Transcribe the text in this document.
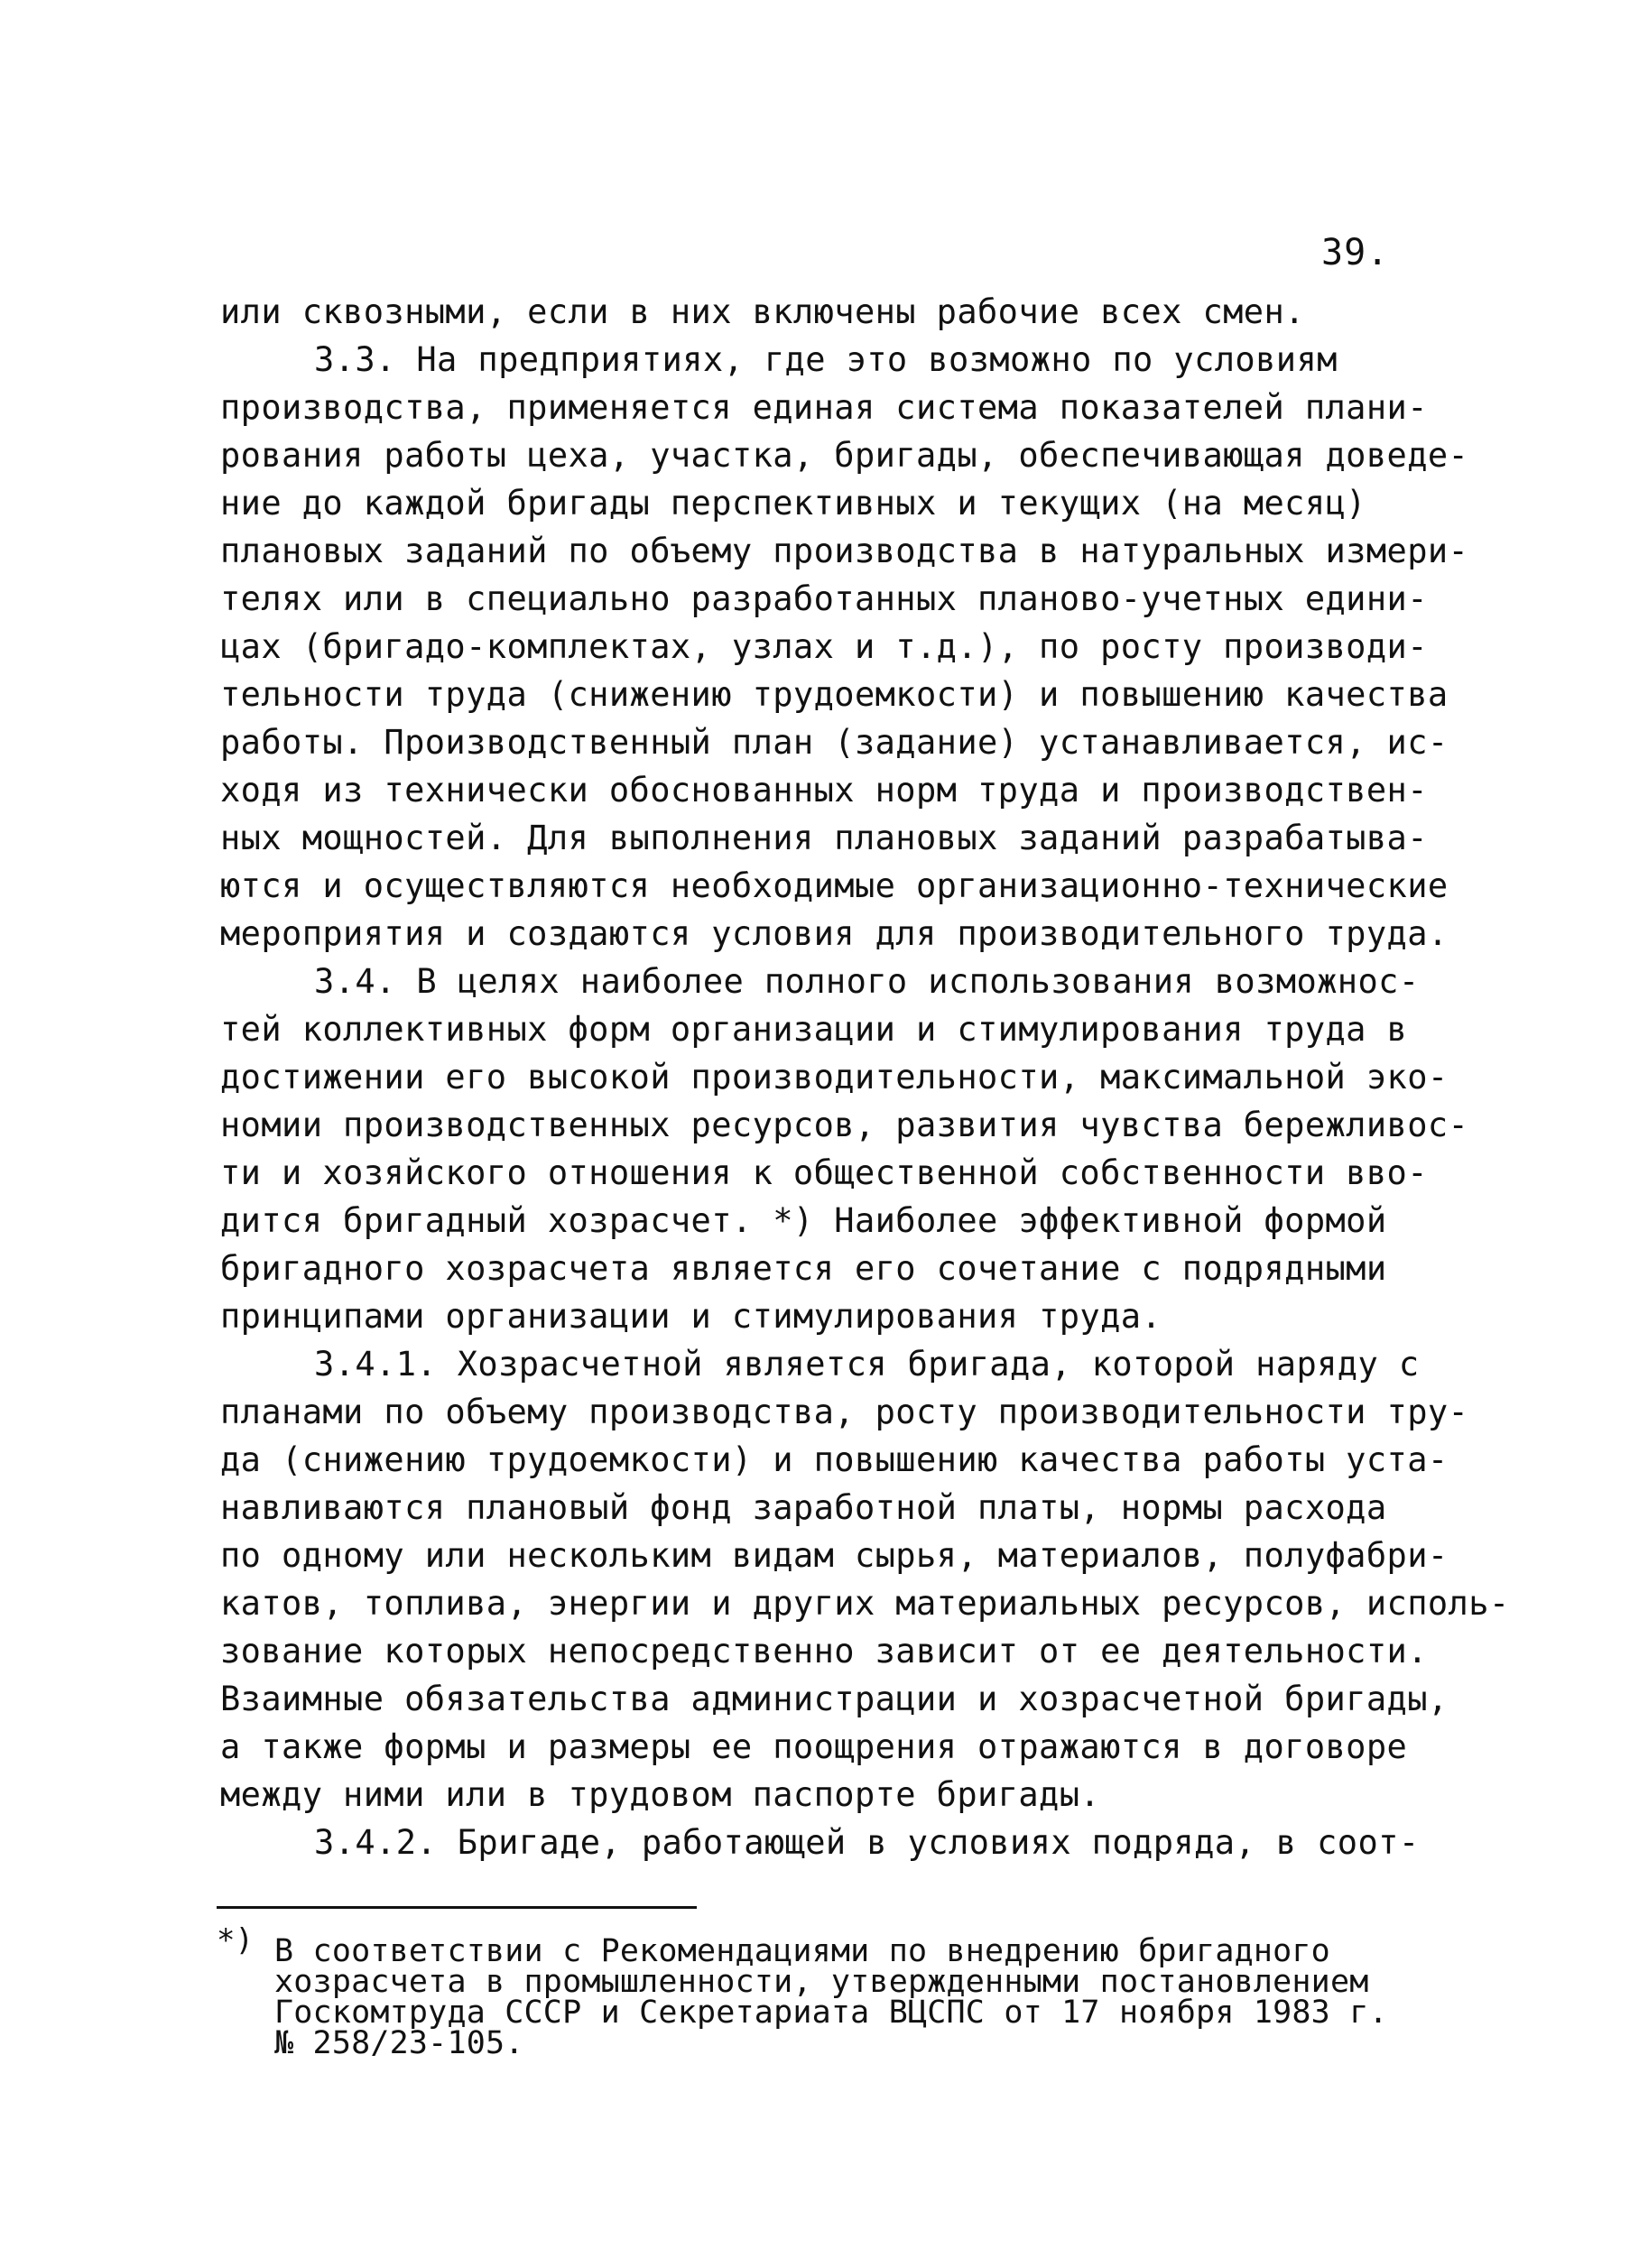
39.
или сквозными, если в них включены рабочие всех смен.
3.3. На предприятиях, где это возможно по условиям
производства, применяется единая система показателей плани-
рования работы цеха, участка, бригады, обеспечивающая доведе-
ние до каждой бригады перспективных и текущих (на месяц)
плановых заданий по объему производства в натуральных измери-
телях или в специально разработанных планово-учетных едини-
цах (бригадо-комплектах, узлах и т.д.), по росту производи-
тельности труда (снижению трудоемкости) и повышению качества
работы. Производственный план (задание) устанавливается, ис-
ходя из технически обоснованных норм труда и производствен-
ных мощностей. Для выполнения плановых заданий разрабатыва-
ются и осуществляются необходимые организационно-технические
мероприятия и создаются условия для производительного труда.
3.4. В целях наиболее полного использования возможнос-
тей коллективных форм организации и стимулирования труда в
достижении его высокой производительности, максимальной эко-
номии производственных ресурсов, развития чувства бережливос-
ти и хозяйского отношения к общественной собственности вво-
дится бригадный хозрасчет. *) Наиболее эффективной формой
бригадного хозрасчета является его сочетание с подрядными
принципами организации и стимулирования труда.
3.4.1. Хозрасчетной является бригада, которой наряду с
планами по объему производства, росту производительности тру-
да (снижению трудоемкости) и повышению качества работы уста-
навливаются плановый фонд заработной платы, нормы расхода
по одному или нескольким видам сырья, материалов, полуфабри-
катов, топлива, энергии и других материальных ресурсов, исполь-
зование которых непосредственно зависит от ее деятельности.
Взаимные обязательства администрации и хозрасчетной бригады,
а также формы и размеры ее поощрения отражаются в договоре
между ними или в трудовом паспорте бригады.
3.4.2. Бригаде, работающей в условиях подряда, в соот-
*) В соответствии с Рекомендациями по внедрению бригадного
хозрасчета в промышленности, утвержденными постановлением
Госкомтруда СССР и Секретариата ВЦСПС от 17 ноября 1983 г.
№ 258/23-105.
